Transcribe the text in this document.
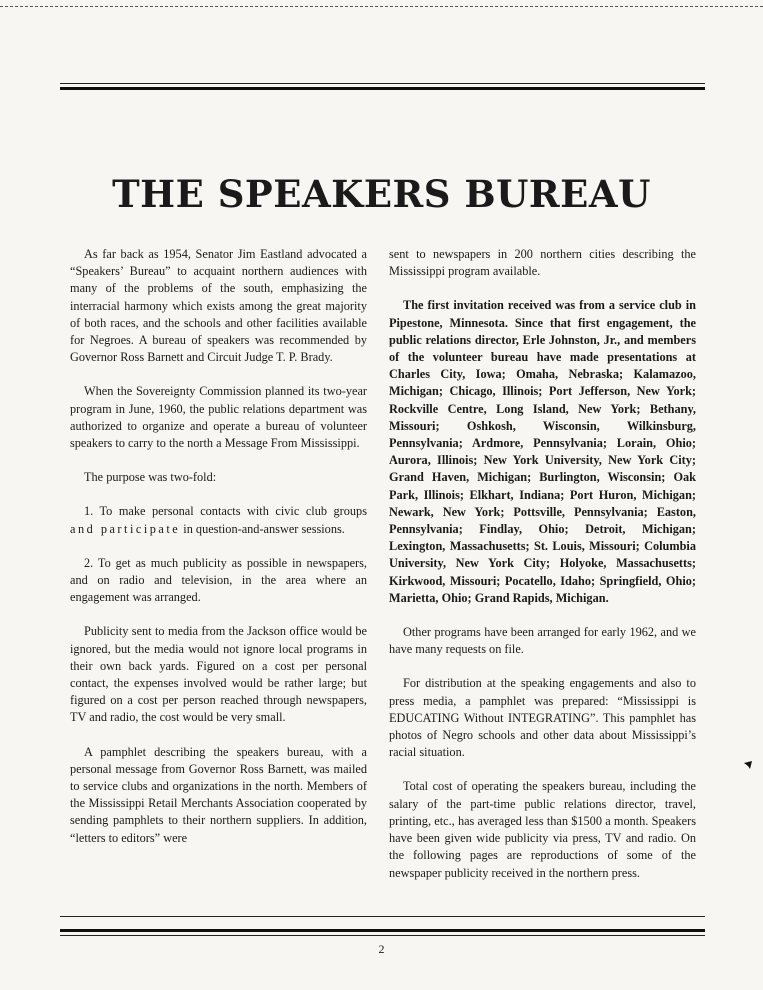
THE SPEAKERS BUREAU

As far back as 1954, Senator Jim Eastland advocated a “Speakers’ Bureau” to acquaint northern audiences with many of the problems of the south, emphasizing the interracial harmony which exists among the great majority of both races, and the schools and other facilities available for Negroes. A bureau of speakers was recommended by Governor Ross Barnett and Circuit Judge T. P. Brady.

When the Sovereignty Commission planned its two-year program in June, 1960, the public relations department was authorized to organize and operate a bureau of volunteer speakers to carry to the north a Message From Mississippi.

The purpose was two-fold:

1. To make personal contacts with civic club groups and participate in question-and-answer sessions.

2. To get as much publicity as possible in newspapers, and on radio and television, in the area where an engagement was arranged.

Publicity sent to media from the Jackson office would be ignored, but the media would not ignore local programs in their own back yards. Figured on a cost per personal contact, the expenses involved would be rather large; but figured on a cost per person reached through newspapers, TV and radio, the cost would be very small.

A pamphlet describing the speakers bureau, with a personal message from Governor Ross Barnett, was mailed to service clubs and organizations in the north. Members of the Mississippi Retail Merchants Association cooperated by sending pamphlets to their northern suppliers. In addition, “letters to editors” were

sent to newspapers in 200 northern cities describing the Mississippi program available.

The first invitation received was from a service club in Pipestone, Minnesota. Since that first engagement, the public relations director, Erle Johnston, Jr., and members of the volunteer bureau have made presentations at Charles City, Iowa; Omaha, Nebraska; Kalamazoo, Michigan; Chicago, Illinois; Port Jefferson, New York; Rockville Centre, Long Island, New York; Bethany, Missouri; Oshkosh, Wisconsin, Wilkinsburg, Pennsylvania; Ardmore, Pennsylvania; Lorain, Ohio; Aurora, Illinois; New York University, New York City; Grand Haven, Michigan; Burlington, Wisconsin; Oak Park, Illinois; Elkhart, Indiana; Port Huron, Michigan; Newark, New York; Pottsville, Pennsylvania; Easton, Pennsylvania; Findlay, Ohio; Detroit, Michigan; Lexington, Massachusetts; St. Louis, Missouri; Columbia University, New York City; Holyoke, Massachusetts; Kirkwood, Missouri; Pocatello, Idaho; Springfield, Ohio; Marietta, Ohio; Grand Rapids, Michigan.

Other programs have been arranged for early 1962, and we have many requests on file.

For distribution at the speaking engagements and also to press media, a pamphlet was prepared: “Mississippi is EDUCATING Without INTEGRATING”. This pamphlet has photos of Negro schools and other data about Mississippi’s racial situation.

Total cost of operating the speakers bureau, including the salary of the part-time public relations director, travel, printing, etc., has averaged less than $1500 a month. Speakers have been given wide publicity via press, TV and radio. On the following pages are reproductions of some of the newspaper publicity received in the northern press.

2
